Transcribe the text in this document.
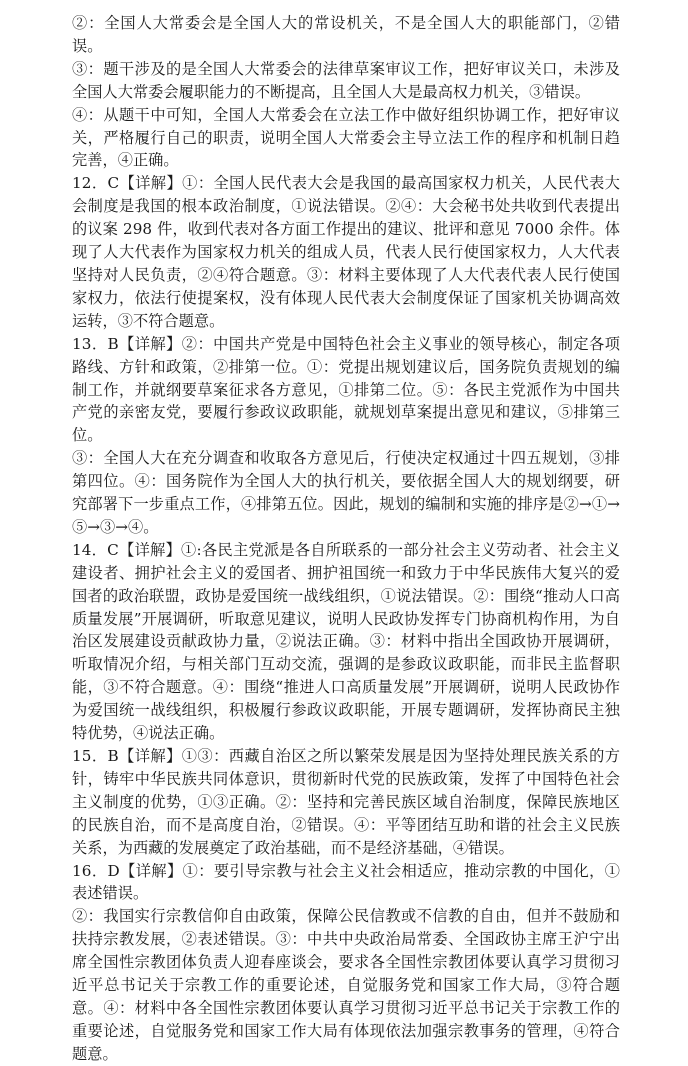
②：全国人大常委会是全国人大的常设机关，不是全国人大的职能部门，②错误。

③：题干涉及的是全国人大常委会的法律草案审议工作，把好审议关口，未涉及全国人大常委会履职能力的不断提高，且全国人大是最高权力机关，③错误。

④：从题干中可知，全国人大常委会在立法工作中做好组织协调工作，把好审议关，严格履行自己的职责，说明全国人大常委会主导立法工作的程序和机制日趋完善，④正确。

12．C【详解】①：全国人民代表大会是我国的最高国家权力机关，人民代表大会制度是我国的根本政治制度，①说法错误。②④：大会秘书处共收到代表提出的议案 298 件，收到代表对各方面工作提出的建议、批评和意见 7000 余件。体现了人大代表作为国家权力机关的组成人员，代表人民行使国家权力，人大代表坚持对人民负责，②④符合题意。③：材料主要体现了人大代表代表人民行使国家权力，依法行使提案权，没有体现人民代表大会制度保证了国家机关协调高效运转，③不符合题意。

13．B【详解】②：中国共产党是中国特色社会主义事业的领导核心，制定各项路线、方针和政策，②排第一位。①：党提出规划建议后，国务院负责规划的编制工作，并就纲要草案征求各方意见，①排第二位。⑤：各民主党派作为中国共产党的亲密友党，要履行参政议政职能，就规划草案提出意见和建议，⑤排第三位。

③：全国人大在充分调查和收取各方意见后，行使决定权通过十四五规划，③排第四位。④：国务院作为全国人大的执行机关，要依据全国人大的规划纲要，研究部署下一步重点工作，④排第五位。因此，规划的编制和实施的排序是②→①→⑤→③→④。

14．C【详解】①:各民主党派是各自所联系的一部分社会主义劳动者、社会主义建设者、拥护社会主义的爱国者、拥护祖国统一和致力于中华民族伟大复兴的爱国者的政治联盟，政协是爱国统一战线组织，①说法错误。②：围绕“推动人口高质量发展”开展调研，听取意见建议，说明人民政协发挥专门协商机构作用，为自治区发展建设贡献政协力量，②说法正确。③：材料中指出全国政协开展调研，听取情况介绍，与相关部门互动交流，强调的是参政议政职能，而非民主监督职能，③不符合题意。④：围绕“推进人口高质量发展”开展调研，说明人民政协作为爱国统一战线组织，积极履行参政议政职能，开展专题调研，发挥协商民主独特优势，④说法正确。

15．B【详解】①③：西藏自治区之所以繁荣发展是因为坚持处理民族关系的方针，铸牢中华民族共同体意识，贯彻新时代党的民族政策，发挥了中国特色社会主义制度的优势，①③正确。②：坚持和完善民族区域自治制度，保障民族地区的民族自治，而不是高度自治，②错误。④：平等团结互助和谐的社会主义民族关系，为西藏的发展奠定了政治基础，而不是经济基础，④错误。

16．D【详解】①：要引导宗教与社会主义社会相适应，推动宗教的中国化，①表述错误。

②：我国实行宗教信仰自由政策，保障公民信教或不信教的自由，但并不鼓励和扶持宗教发展，②表述错误。③：中共中央政治局常委、全国政协主席王沪宁出席全国性宗教团体负责人迎春座谈会，要求各全国性宗教团体要认真学习贯彻习近平总书记关于宗教工作的重要论述，自觉服务党和国家工作大局，③符合题意。④：材料中各全国性宗教团体要认真学习贯彻习近平总书记关于宗教工作的重要论述，自觉服务党和国家工作大局有体现依法加强宗教事务的管理，④符合题意。
